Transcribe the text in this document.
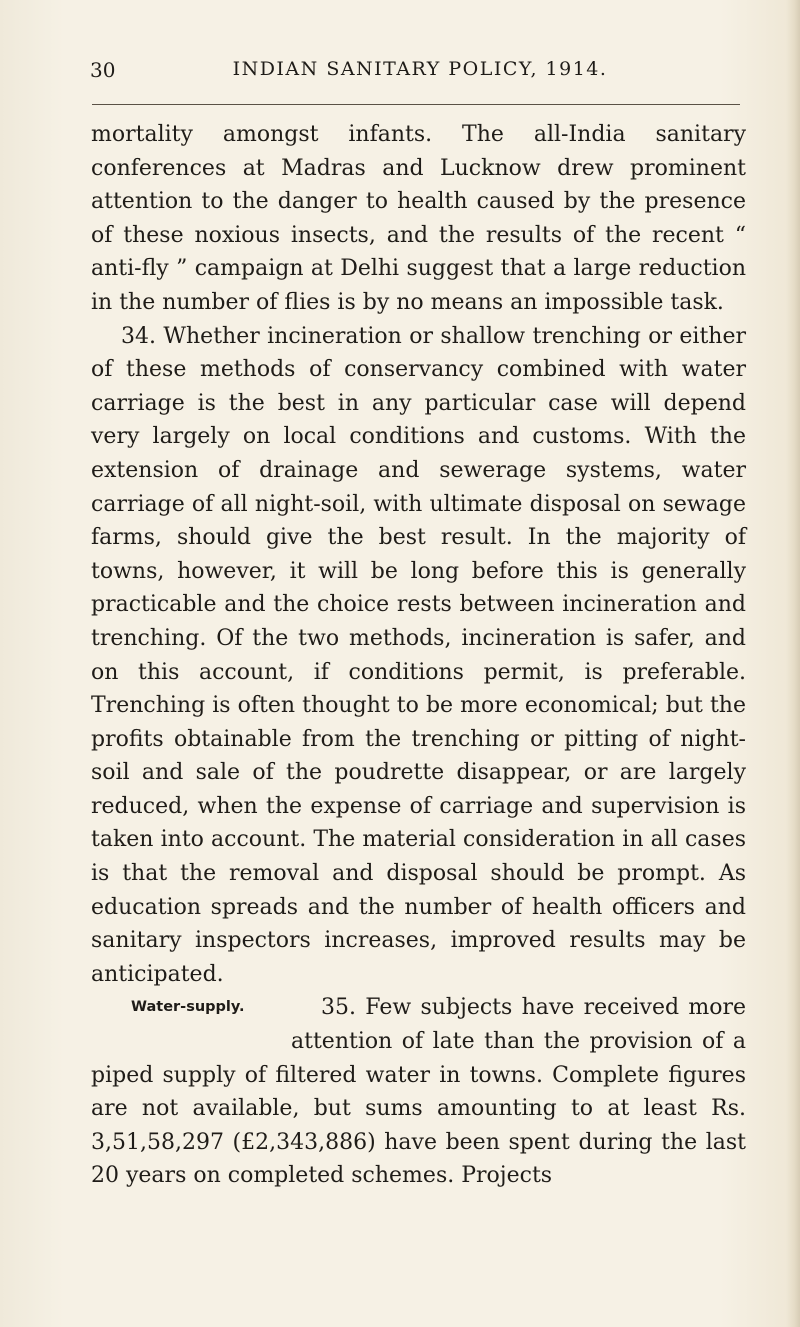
30	INDIAN SANITARY POLICY, 1914.

mortality amongst infants. The all-India sanitary conferences at Madras and Lucknow drew prominent attention to the danger to health caused by the presence of these noxious insects, and the results of the recent “ anti-fly ” campaign at Delhi suggest that a large reduction in the number of flies is by no means an impossible task.

34. Whether incineration or shallow trenching or either of these methods of conservancy combined with water carriage is the best in any particular case will depend very largely on local conditions and customs. With the extension of drainage and sewerage systems, water carriage of all night-soil, with ultimate disposal on sewage farms, should give the best result. In the majority of towns, however, it will be long before this is generally practicable and the choice rests between incineration and trenching. Of the two methods, incineration is safer, and on this account, if conditions permit, is preferable. Trenching is often thought to be more economical; but the profits obtainable from the trenching or pitting of night-soil and sale of the poudrette disappear, or are largely reduced, when the expense of carriage and supervision is taken into account. The material consideration in all cases is that the removal and disposal should be prompt. As education spreads and the number of health officers and sanitary inspectors increases, improved results may be anticipated.

Water-supply.	35. Few subjects have received more attention of late than the provision of a piped supply of filtered water in towns. Complete figures are not available, but sums amounting to at least Rs. 3,51,58,297 (£2,343,886) have been spent during the last 20 years on completed schemes. Projects
